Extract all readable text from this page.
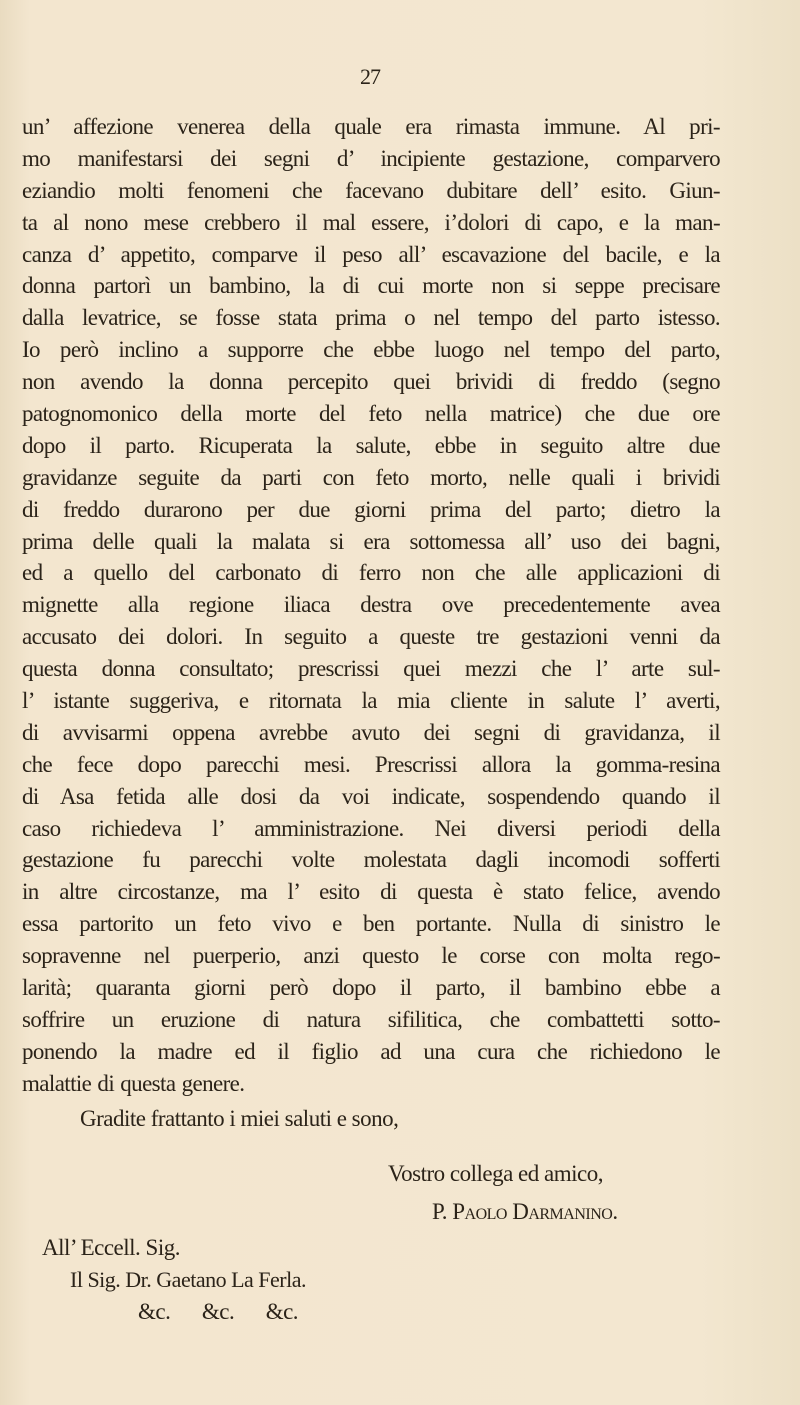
27
un’ affezione venerea della quale era rimasta immune. Al pri-
mo manifestarsi dei segni d’ incipiente gestazione, comparvero
eziandio molti fenomeni che facevano dubitare dell’ esito. Giun-
ta al nono mese crebbero il mal essere, i’dolori di capo, e la man-
canza d’ appetito, comparve il peso all’ escavazione del bacile, e la
donna partorì un bambino, la di cui morte non si seppe precisare
dalla levatrice, se fosse stata prima o nel tempo del parto istesso.
Io però inclino a supporre che ebbe luogo nel tempo del parto,
non avendo la donna percepito quei brividi di freddo (segno
patognomonico della morte del feto nella matrice) che due ore
dopo il parto. Ricuperata la salute, ebbe in seguito altre due
gravidanze seguite da parti con feto morto, nelle quali i brividi
di freddo durarono per due giorni prima del parto; dietro la
prima delle quali la malata si era sottomessa all’ uso dei bagni,
ed a quello del carbonato di ferro non che alle applicazioni di
mignette alla regione iliaca destra ove precedentemente avea
accusato dei dolori. In seguito a queste tre gestazioni venni da
questa donna consultato; prescrissi quei mezzi che l’ arte sul-
l’ istante suggeriva, e ritornata la mia cliente in salute l’ averti,
di avvisarmi oppena avrebbe avuto dei segni di gravidanza, il
che fece dopo parecchi mesi. Prescrissi allora la gomma-resina
di Asa fetida alle dosi da voi indicate, sospendendo quando il
caso richiedeva l’ amministrazione. Nei diversi periodi della
gestazione fu parecchi volte molestata dagli incomodi sofferti
in altre circostanze, ma l’ esito di questa è stato felice, avendo
essa partorito un feto vivo e ben portante. Nulla di sinistro le
sopravenne nel puerperio, anzi questo le corse con molta rego-
larità; quaranta giorni però dopo il parto, il bambino ebbe a
soffrire un eruzione di natura sifilitica, che combattetti sotto-
ponendo la madre ed il figlio ad una cura che richiedono le
malattie di questa genere.
Gradite frattanto i miei saluti e sono,
Vostro collega ed amico,
P. Paolo Darmanino.
All’ Eccell. Sig.
Il Sig. Dr. Gaetano La Ferla.
&c.      &c.      &c.
